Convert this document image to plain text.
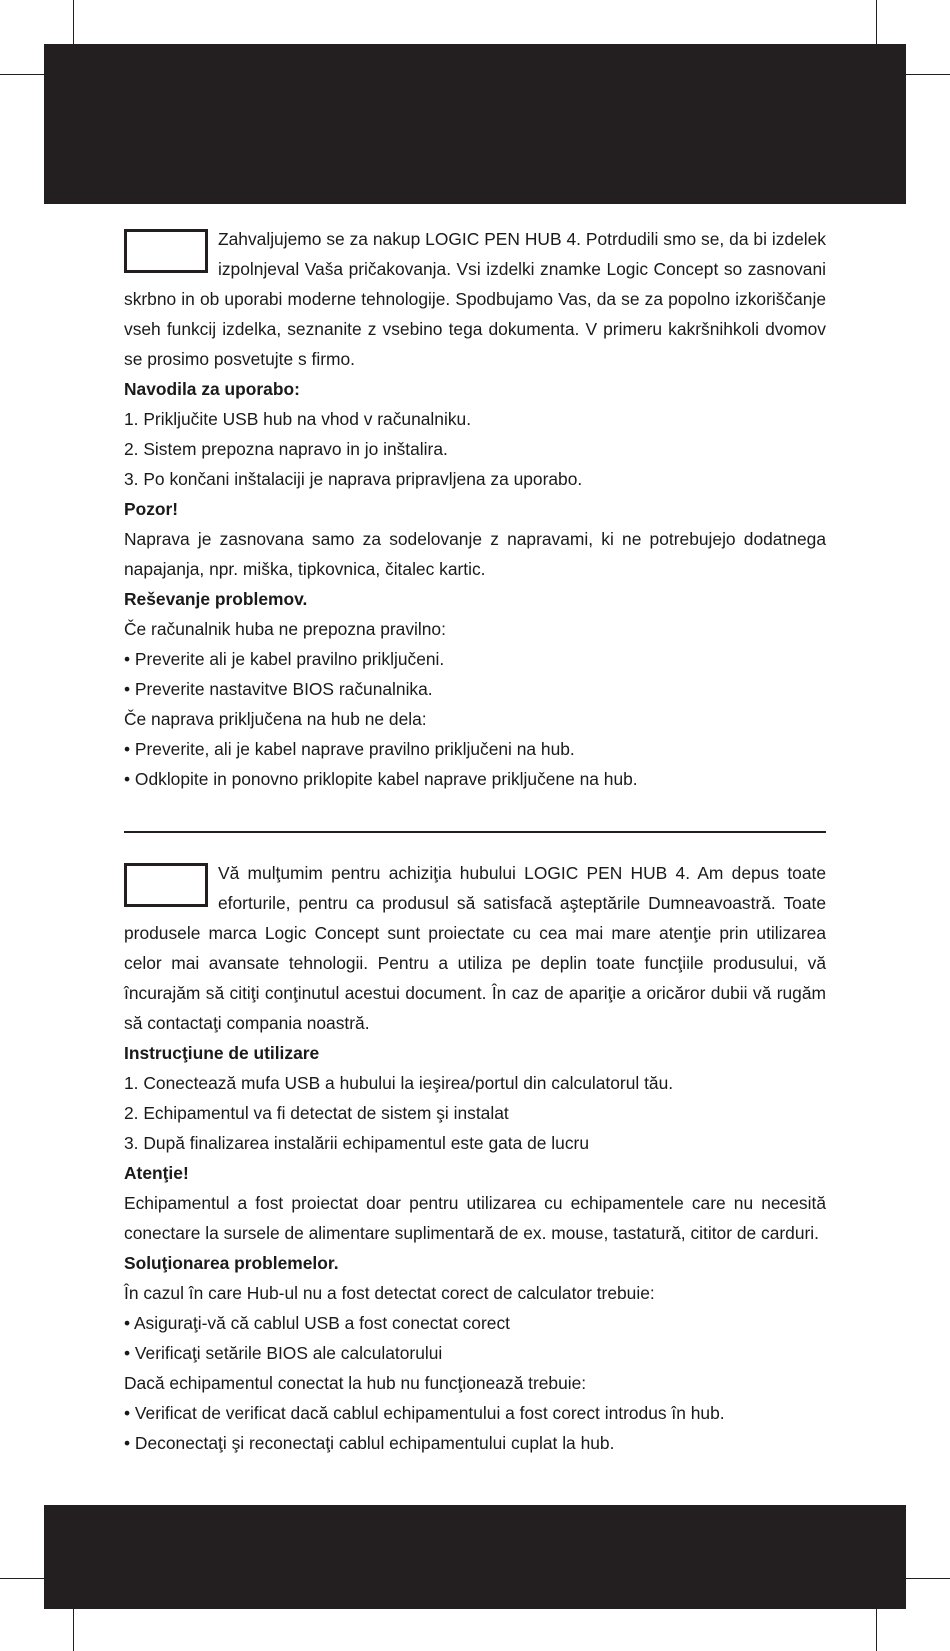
Zahvaljujemo se za nakup LOGIC PEN HUB 4. Potrdudili smo se, da bi izdelek izpolnjeval Vaša pričakovanja. Vsi izdelki znamke Logic Concept so zasnovani skrbno in ob uporabi moderne tehnologije. Spodbujamo Vas, da se za popolno izkoriščanje vseh funkcij izdelka, seznanite z vsebino tega dokumenta. V primeru kakršnihkoli dvomov se prosimo posvetujte s firmo.

Navodila za uporabo:

1. Priključite USB hub na vhod v računalniku.

2. Sistem prepozna napravo in jo inštalira.

3. Po končani inštalaciji je naprava pripravljena za uporabo.

Pozor!

Naprava je zasnovana samo za sodelovanje z napravami, ki ne potrebujejo dodatnega napajanja, npr. miška, tipkovnica, čitalec kartic.

Reševanje problemov.

Če računalnik huba ne prepozna pravilno:

• Preverite ali je kabel pravilno priključeni.

• Preverite nastavitve BIOS računalnika.

Če naprava priključena na hub ne dela:

• Preverite, ali je kabel naprave pravilno priključeni na hub.

• Odklopite in ponovno priklopite kabel naprave priključene na hub.

Vă mulţumim pentru achiziţia hubului LOGIC PEN HUB 4. Am depus toate eforturile, pentru ca produsul să satisfacă aşteptările Dumneavoastră. Toate produsele marca Logic Concept sunt proiectate cu cea mai mare atenţie prin utilizarea celor mai avansate tehnologii. Pentru a utiliza pe deplin toate funcţiile produsului, vă încurajăm să citiţi conţinutul acestui document. În caz de apariţie a oricăror dubii vă rugăm să contactaţi compania noastră.

Instrucţiune de utilizare

1. Conectează mufa USB a hubului la ieşirea/portul din calculatorul tău.

2. Echipamentul va fi detectat de sistem şi instalat

3. După finalizarea instalării echipamentul este gata de lucru

Atenţie!

Echipamentul a fost proiectat doar pentru utilizarea cu echipamentele care nu necesită conectare la sursele de alimentare suplimentară de ex. mouse, tastatură, cititor de carduri.

Soluţionarea problemelor.

În cazul în care Hub-ul nu a fost detectat corect de calculator trebuie:

• Asiguraţi-vă că cablul USB a fost conectat corect

• Verificaţi setările BIOS ale calculatorului

Dacă echipamentul conectat la hub nu funcţionează trebuie:

• Verificat de verificat dacă cablul echipamentului a fost corect introdus în hub.

• Deconectaţi şi reconectaţi cablul echipamentului cuplat la hub.
